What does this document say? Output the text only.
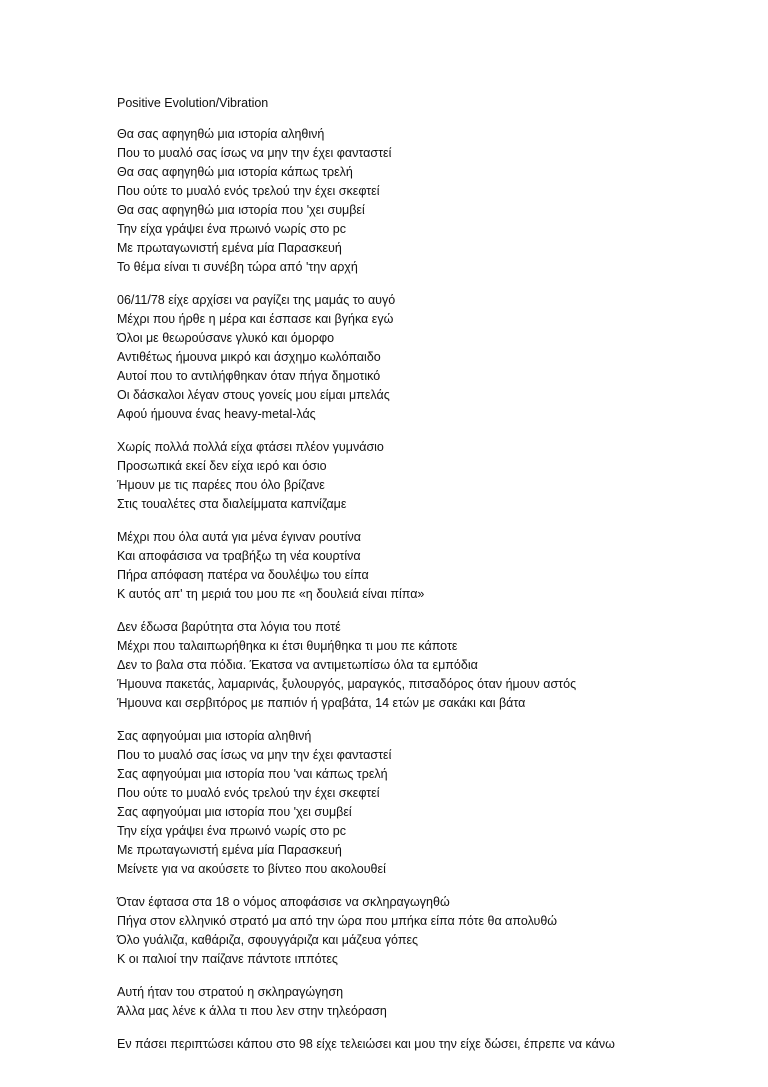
Positive Evolution/Vibration
Θα σας αφηγηθώ μια ιστορία αληθινή
Που το μυαλό σας ίσως να μην την έχει φανταστεί
Θα σας αφηγηθώ μια ιστορία κάπως τρελή
Που ούτε το μυαλό ενός τρελού την έχει σκεφτεί
Θα σας αφηγηθώ μια ιστορία που 'χει συμβεί
Την είχα γράψει ένα πρωινό νωρίς στο pc
Με πρωταγωνιστή εμένα μία Παρασκευή
Το θέμα είναι τι συνέβη τώρα από 'την αρχή
06/11/78 είχε αρχίσει να ραγίζει της μαμάς το αυγό
Μέχρι που ήρθε η μέρα και έσπασε και βγήκα εγώ
Όλοι με θεωρούσανε γλυκό και όμορφο
Αντιθέτως ήμουνα μικρό και άσχημο κωλόπαιδο
Αυτοί που το αντιλήφθηκαν όταν πήγα δημοτικό
Οι δάσκαλοι λέγαν στους γονείς μου είμαι μπελάς
Αφού ήμουνα ένας heavy-metal-λάς
Χωρίς πολλά πολλά είχα φτάσει πλέον γυμνάσιο
Προσωπικά εκεί δεν είχα ιερό και όσιο
Ήμουν με τις παρέες που όλο βρίζανε
Στις τουαλέτες στα διαλείμματα καπνίζαμε
Μέχρι που όλα αυτά για μένα έγιναν ρουτίνα
Και αποφάσισα να τραβήξω τη νέα κουρτίνα
Πήρα απόφαση πατέρα να δουλέψω του είπα
Κ αυτός απ' τη μεριά του μου πε «η δουλειά είναι πίπα»
Δεν έδωσα βαρύτητα στα λόγια του ποτέ
Μέχρι που ταλαιπωρήθηκα κι έτσι θυμήθηκα τι μου πε κάποτε
Δεν το βαλα στα πόδια. Έκατσα να αντιμετωπίσω όλα τα εμπόδια
Ήμουνα πακετάς, λαμαρινάς, ξυλουργός, μαραγκός, πιτσαδόρος όταν ήμουν αστός
Ήμουνα και σερβιτόρος με παπιόν ή γραβάτα, 14 ετών με σακάκι και βάτα
Σας αφηγούμαι μια ιστορία αληθινή
Που το μυαλό σας ίσως να μην την έχει φανταστεί
Σας αφηγούμαι μια ιστορία που 'ναι κάπως τρελή
Που ούτε το μυαλό ενός τρελού την έχει σκεφτεί
Σας αφηγούμαι μια ιστορία που 'χει συμβεί
Την είχα γράψει ένα πρωινό νωρίς στο pc
Με πρωταγωνιστή εμένα μία Παρασκευή
Μείνετε για να ακούσετε το βίντεο που ακολουθεί
Όταν έφτασα στα 18 ο νόμος αποφάσισε να σκληραγωγηθώ
Πήγα στον ελληνικό στρατό μα από την ώρα που μπήκα είπα πότε θα απολυθώ
Όλο γυάλιζα, καθάριζα, σφουγγάριζα και μάζευα γόπες
Κ οι παλιοί την παίζανε πάντοτε ιππότες
Αυτή ήταν του στρατού η σκληραγώγηση
Άλλα μας λένε κ άλλα τι που λεν στην τηλεόραση
Εν πάσει περιπτώσει κάπου στο 98 είχε τελειώσει και μου την είχε δώσει, έπρεπε να κάνω
